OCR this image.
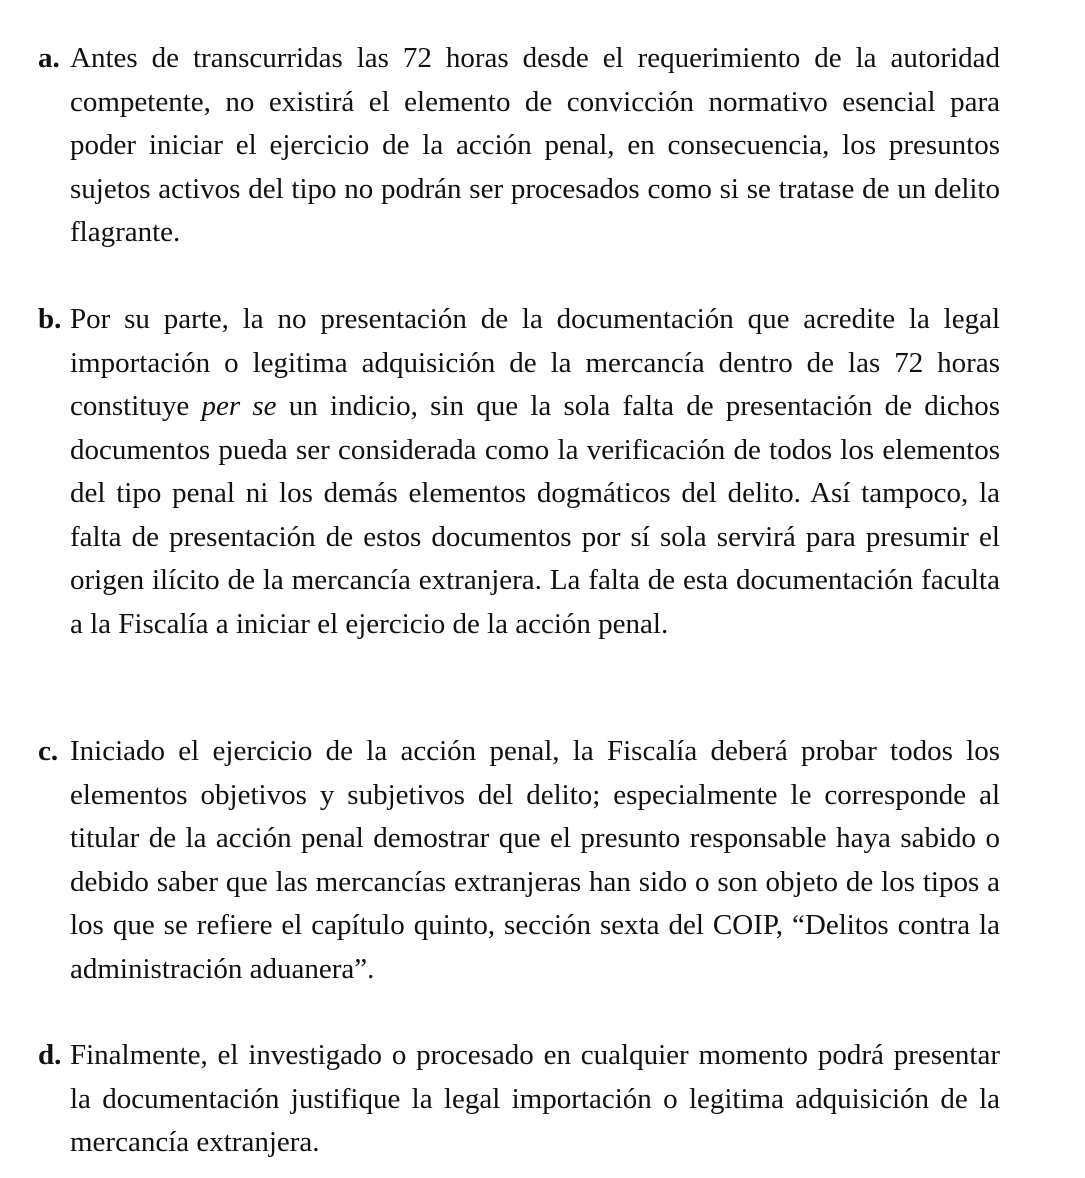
a. Antes de transcurridas las 72 horas desde el requerimiento de la autoridad competente, no existirá el elemento de convicción normativo esencial para poder iniciar el ejercicio de la acción penal, en consecuencia, los presuntos sujetos activos del tipo no podrán ser procesados como si se tratase de un delito flagrante.
b. Por su parte, la no presentación de la documentación que acredite la legal importación o legitima adquisición de la mercancía dentro de las 72 horas constituye per se un indicio, sin que la sola falta de presentación de dichos documentos pueda ser considerada como la verificación de todos los elementos del tipo penal ni los demás elementos dogmáticos del delito. Así tampoco, la falta de presentación de estos documentos por sí sola servirá para presumir el origen ilícito de la mercancía extranjera. La falta de esta documentación faculta a la Fiscalía a iniciar el ejercicio de la acción penal.
c. Iniciado el ejercicio de la acción penal, la Fiscalía deberá probar todos los elementos objetivos y subjetivos del delito; especialmente le corresponde al titular de la acción penal demostrar que el presunto responsable haya sabido o debido saber que las mercancías extranjeras han sido o son objeto de los tipos a los que se refiere el capítulo quinto, sección sexta del COIP, “Delitos contra la administración aduanera”.
d. Finalmente, el investigado o procesado en cualquier momento podrá presentar la documentación justifique la legal importación o legitima adquisición de la mercancía extranjera.
